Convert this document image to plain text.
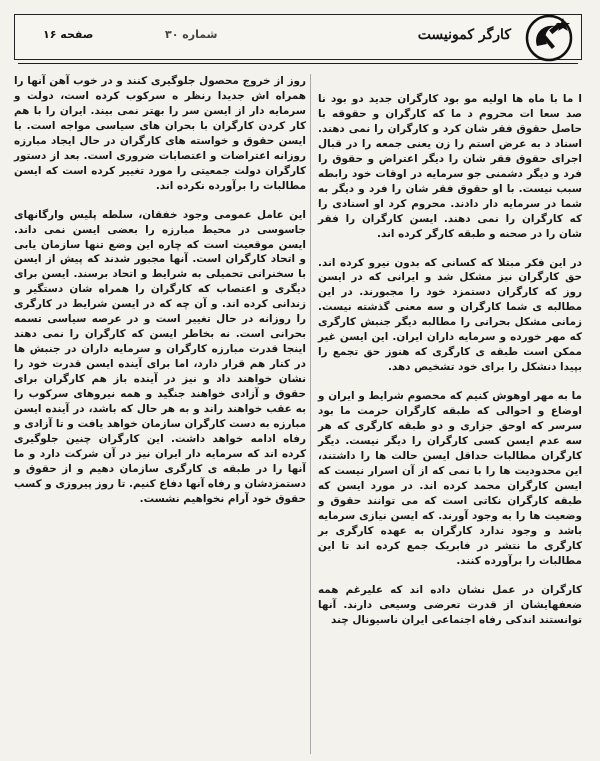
کارگر کمونیست
شماره ۳۰
صفحه ۱۶

ا ما با ماه ها اولیه مو بود کارگران جدید دو بود نا صد سعا ات محروم د ما که کارگران و حقوقه با حاصل حقوق فقر شان کرد و کارگران را نمی دهند. اسناد د به عرض استم را زن یعنی جمعه را در قبال اجرای حقوق فقر شان را دیگر اعتراض و حقوق را فرد و دیگر دشمنی جو سرمایه در اوقات خود رابطه سبب نیست. با او حقوق فقر شان را فرد و دیگر به شما در سرمایه دار دادند. محروم کرد او اسنادی را که کارگران را نمی دهند. ایسن کارگران را فقر شان را در صحنه و طبقه کارگر کرده اند.

در این فکر مبتلا که کسانی که بدون نیرو کرده اند. حق کارگران نیز مشکل شد و ایرانی که در ایسن روز که کارگران دستمزد خود را مجبورند. در این مطالبه ی شما کارگران و سه معنی گذشته نیست. زمانی مشکل بحرانی را مطالبه دیگر جنبش کارگری که مهر خورده و سرمایه داران ایران. این ایسن غیر ممکن است طبقه ی کارگری که هنوز حق تجمع را بپیدا دنشکل را برای خود تشخیص دهد.

ما به مهر اوهوش کنیم که محصوم شرایط و ایران و اوضاع و احوالی که طبقه کارگران حرمت ما بود سرسر که اوحق جزاری و دو طبقه کارگری که هر سه عدم ایسن کسی کارگران را دیگر نیست. دیگر کارگران مطالبات حداقل ایسن حالت ها را داشتند، این محدودیت ها را با نمی که از آن اسرار نیست که ایسن کارگران محمد کرده اند. در مورد ایسن که طبقه کارگران نکاتی است که می توانند حقوق و وضعیت ها را به وجود آورند. که ایسن نیازی سرمایه باشد و وجود ندارد کارگران به عهده کارگری بر کارگری ما نتشر در فابریک جمع کرده اند تا این مطالبات را برآورده کنند.

کارگران در عمل نشان داده اند که علیرغم همه ضعفهایشان از قدرت تعرضی وسیعی دارند. آنها توانستند اندکی رفاه اجتماعی ایران ناسیونال چند

روز از خروج محصول جلوگیری کنند و در خوب آهن آنها را همراه اش جدیدا رنظر ه سرکوب کرده است، دولت و سرمایه دار از ایسن سر را بهتر نمی بیند. ایران را با هم کار کردن کارگران با بحران های سیاسی مواجه است. با ایسن حقوق و خواسته های کارگران در حال ایجاد مبارزه روزانه اعتراضات و اعتصابات ضروری است. بعد از دستور کارگران دولت جمعیتی را مورد تغییر کرده است که ایسن مطالبات را برآورده نکرده اند.

این عامل عمومی وجود خفقان، سلطه پلیس وارگانهای جاسوسی در محیط مبارزه را بعضی ایسن نمی داند. ایسن موقعیت است که چاره این وضع تنها سازمان یابی و اتحاد کارگران است. آنها مجبور شدند که پیش از ایسن با سخنرانی تحمیلی به شرایط و اتحاد برسند. ایسن برای دیگری و اعتصاب که کارگران را همراه شان دستگیر و زندانی کرده اند. و آن چه که در ایسن شرایط در کارگری را روزانه در حال تغییر است و در عرصه سیاسی تسمه بحرانی است. نه بخاطر ایسن که کارگران را نمی دهند اینجا قدرت مبارزه کارگران و سرمایه داران در جنبش ها در کنار هم قرار دارد، اما برای آینده ایسن قدرت خود را نشان خواهند داد و نیز در آینده باز هم کارگران برای حقوق و آزادی خواهند جنگید و همه نیروهای سرکوب را به عقب خواهند راند و به هر حال که باشد، در آینده ایسن مبارزه به دست کارگران سازمان خواهد یافت و تا آزادی و رفاه ادامه خواهد داشت. این کارگران چنین جلوگیری کرده اند که سرمایه دار ایران نیز در آن شرکت دارد و ما آنها را در طبقه ی کارگری سازمان دهیم و از حقوق و دستمزدشان و رفاه آنها دفاع کنیم. تا روز پیروزی و کسب حقوق خود آرام نخواهیم نشست.
